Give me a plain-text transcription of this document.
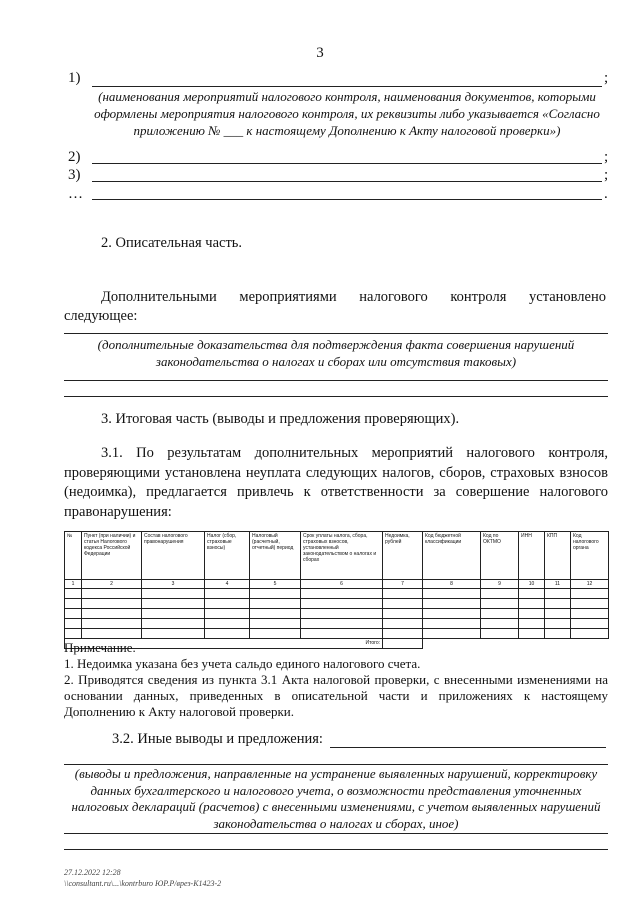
3
1)	;
(наименования мероприятий налогового контроля, наименования документов, которыми оформлены мероприятия налогового контроля, их реквизиты либо указывается «Согласно приложению № ___ к настоящему Дополнению к Акту налоговой проверки»)
2)	;
3)	;
…	.
2. Описательная часть.
Дополнительными мероприятиями налогового контроля установлено следующее:
(дополнительные доказательства для подтверждения факта совершения нарушений законодательства о налогах и сборах или отсутствия таковых)
3. Итоговая часть (выводы и предложения проверяющих).
3.1. По результатам дополнительных мероприятий налогового контроля, проверяющими установлена неуплата следующих налогов, сборов, страховых взносов (недоимка), предлагается привлечь к ответственности за совершение налогового правонарушения:
№	Пункт (при наличии) и статья Налогового кодекса Российской Федерации	Состав налогового правонарушения	Налог (сбор, страховые взносы)	Налоговый (расчетный, отчетный) период	Срок уплаты налога, сбора, страховых взносов, установленный законодательством о налогах и сборах	Недоимка, рублей	Код бюджетной классификации	Код по ОКТМО	ИНН	КПП	Код налогового органа
1	2	3	4	5	6	7	8	9	10	11	12

Итого:											
Примечание.
1. Недоимка указана без учета сальдо единого налогового счета.
2. Приводятся сведения из пункта 3.1 Акта налоговой проверки, с внесенными изменениями на основании данных, приведенных в описательной части и приложениях к настоящему Дополнению к Акту налоговой проверки.
3.2. Иные выводы и предложения:
(выводы и предложения, направленные на устранение выявленных нарушений, корректировку данных бухгалтерского и налогового учета, о возможности представления уточненных налоговых деклараций (расчетов) с внесенными изменениями, с учетом выявленных нарушений законодательства о налогах и сборах, иное)
27.12.2022 12:28
\\consultant.ru\...\kontrburo ЮР.Р/врез-К1423-2
